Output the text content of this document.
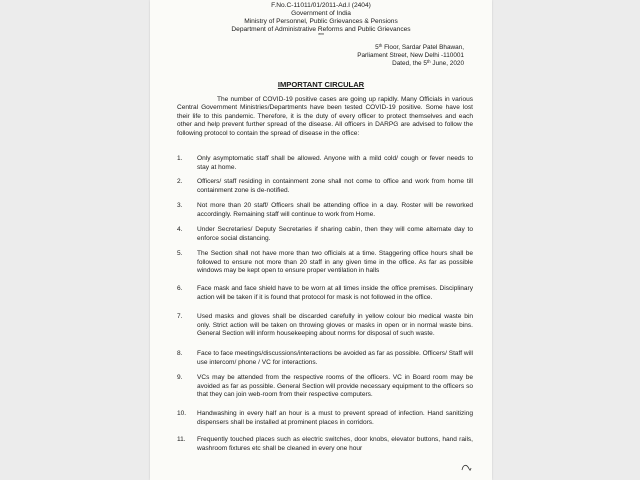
F.No.C-11011/01/2011-Ad.I (2404)
Government of India
Ministry of Personnel, Public Grievances & Pensions
Department of Administrative Reforms and Public Grievances
***
5th Floor, Sardar Patel Bhawan,
Parliament Street, New Delhi -110001
Dated, the 5th June, 2020
IMPORTANT CIRCULAR
The number of COVID-19 positive cases are going up rapidly. Many Officials in various Central Government Ministries/Departments have been tested COVID-19 positive. Some have lost their life to this pandemic. Therefore, it is the duty of every officer to protect themselves and each other and help prevent further spread of the disease. All officers in DARPG are advised to follow the following protocol to contain the spread of disease in the office:
1.	Only asymptomatic staff shall be allowed. Anyone with a mild cold/ cough or fever needs to stay at home.
2.	Officers/ staff residing in containment zone shall not come to office and work from home till containment zone is de-notified.
3.	Not more than 20 staff/ Officers shall be attending office in a day. Roster will be reworked accordingly. Remaining staff will continue to work from Home.
4.	Under Secretaries/ Deputy Secretaries if sharing cabin, then they will come alternate day to enforce social distancing.
5.	The Section shall not have more than two officials at a time. Staggering office hours shall be followed to ensure not more than 20 staff in any given time in the office. As far as possible windows may be kept open to ensure proper ventilation in halls
6.	Face mask and face shield have to be worn at all times inside the office premises. Disciplinary action will be taken if it is found that protocol for mask is not followed in the office.
7.	Used masks and gloves shall be discarded carefully in yellow colour bio medical waste bin only. Strict action will be taken on throwing gloves or masks in open or in normal waste bins. General Section will inform housekeeping about norms for disposal of such waste.
8.	Face to face meetings/discussions/interactions be avoided as far as possible. Officers/ Staff will use intercom/ phone / VC for interactions.
9.	VCs may be attended from the respective rooms of the officers. VC in Board room may be avoided as far as possible. General Section will provide necessary equipment to the officers so that they can join web-room from their respective computers.
10.	Handwashing in every half an hour is a must to prevent spread of infection. Hand sanitizing dispensers shall be installed at prominent places in corridors.
11.	Frequently touched places such as electric switches, door knobs, elevator buttons, hand rails, washroom fixtures etc shall be cleaned in every one hour
